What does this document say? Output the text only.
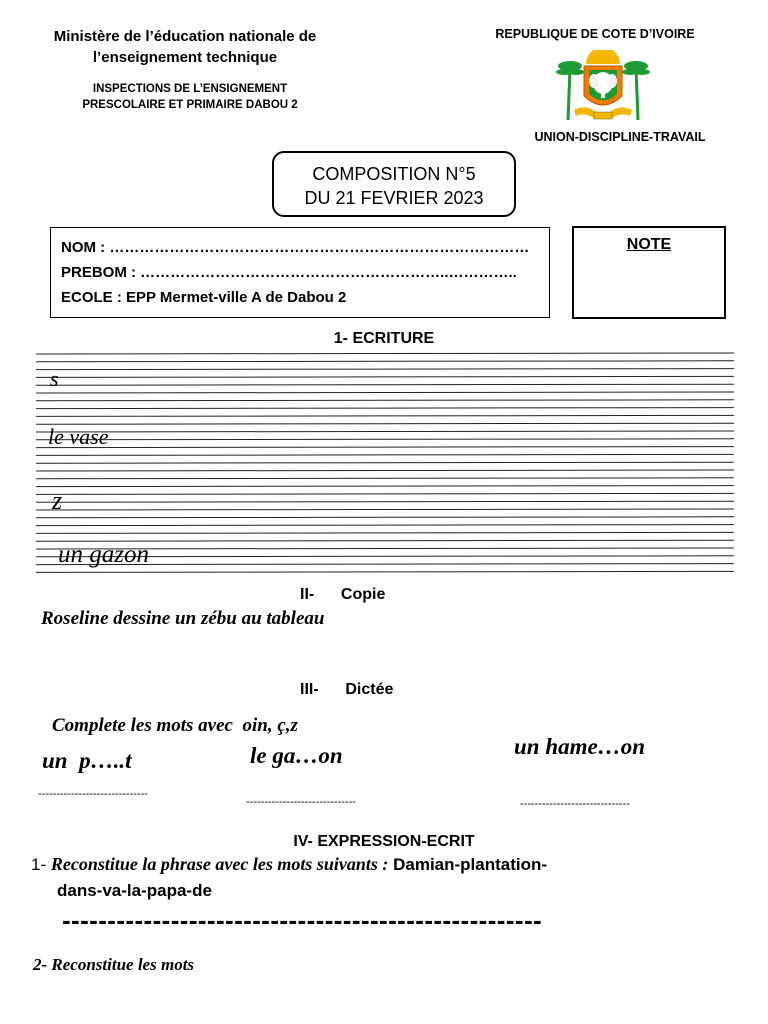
Ministère de l’éducation nationale de l’enseignement technique
INSPECTIONS DE L’ENSIGNEMENT PRESCOLAIRE ET PRIMAIRE DABOU 2
REPUBLIQUE DE COTE D’IVOIRE
UNION-DISCIPLINE-TRAVAIL
COMPOSITION N°5
DU 21 FEVRIER 2023
NOM : …………………………………………………………………………
PREBOM : ……………………………………………………..…………..
ECOLE : EPP Mermet-ville A de Dabou 2
NOTE
1- ECRITURE
s
le vase
z
un gazon
II-      Copie
Roseline dessine un zébu au tableau
III-      Dictée
Complete les mots avec  oin, ç,z
un  p…..t	le ga…on	un hame…on
------------------------------
------------------------------	------------------------------
IV- EXPRESSION-ECRIT
1- Reconstitue la phrase avec les mots suivants : Damian-plantation-
dans-va-la-papa-de
-----------------------------------------------------
2- Reconstitue les mots
